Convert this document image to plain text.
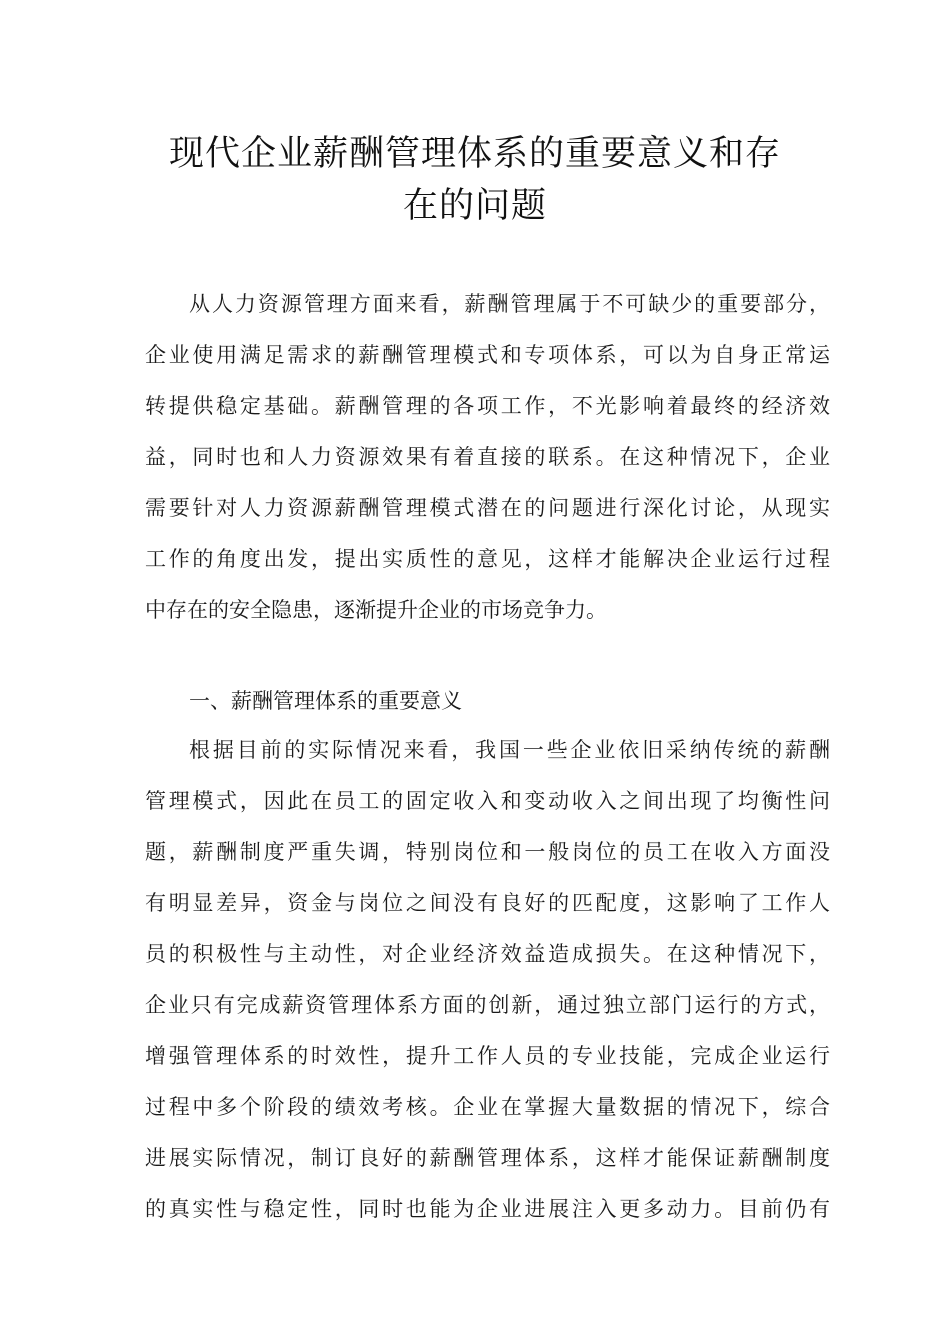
现代企业薪酬管理体系的重要意义和存
在的问题
从人力资源管理方面来看，薪酬管理属于不可缺少的重要部分，
企业使用满足需求的薪酬管理模式和专项体系，可以为自身正常运
转提供稳定基础。薪酬管理的各项工作，不光影响着最终的经济效
益，同时也和人力资源效果有着直接的联系。在这种情况下，企业
需要针对人力资源薪酬管理模式潜在的问题进行深化讨论，从现实
工作的角度出发，提出实质性的意见，这样才能解决企业运行过程
中存在的安全隐患，逐渐提升企业的市场竞争力。
一、薪酬管理体系的重要意义
根据目前的实际情况来看，我国一些企业依旧采纳传统的薪酬
管理模式，因此在员工的固定收入和变动收入之间出现了均衡性问
题，薪酬制度严重失调，特别岗位和一般岗位的员工在收入方面没
有明显差异，资金与岗位之间没有良好的匹配度，这影响了工作人
员的积极性与主动性，对企业经济效益造成损失。在这种情况下，
企业只有完成薪资管理体系方面的创新，通过独立部门运行的方式，
增强管理体系的时效性，提升工作人员的专业技能，完成企业运行
过程中多个阶段的绩效考核。企业在掌握大量数据的情况下，综合
进展实际情况，制订良好的薪酬管理体系，这样才能保证薪酬制度
的真实性与稳定性，同时也能为企业进展注入更多动力。目前仍有
